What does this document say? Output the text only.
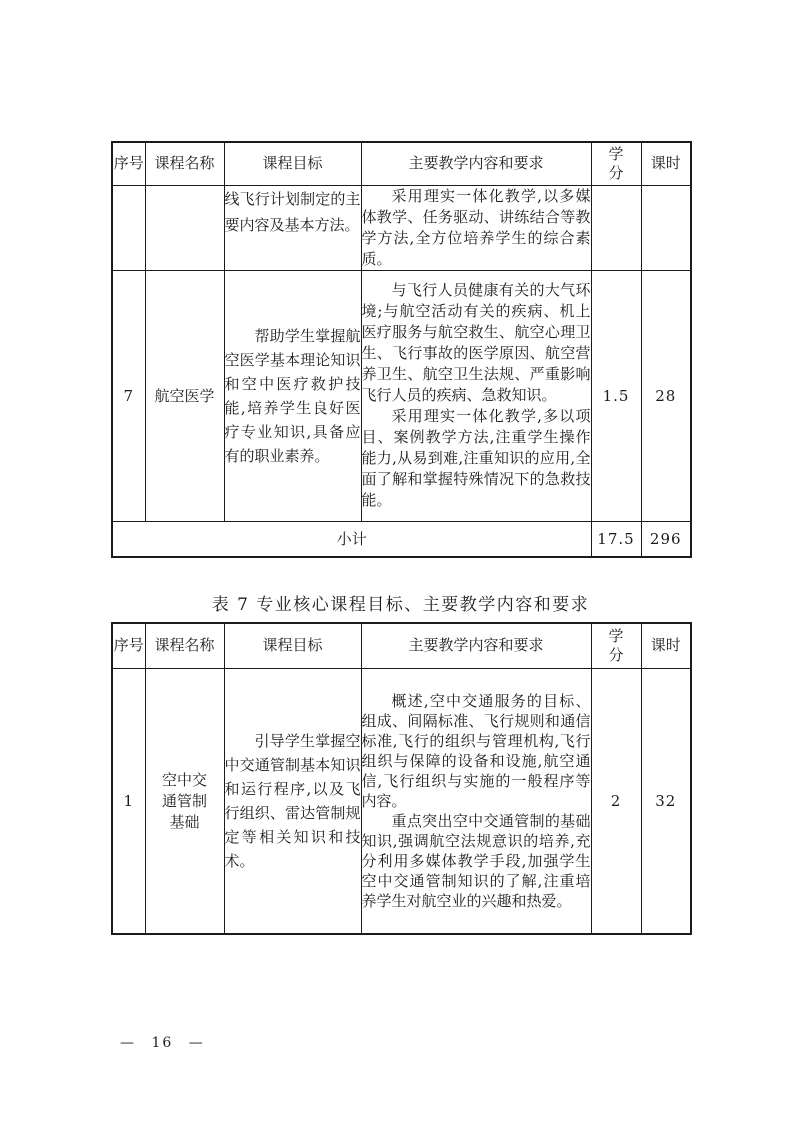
序号	课程名称	课程目标	主要教学内容和要求	学分	课时

		线飞行计划制定的主要内容及基本方法。	采用理实一体化教学,以多媒体教学、任务驱动、讲练结合等教学方法,全方位培养学生的综合素质。		

7	航空医学	帮助学生掌握航空医学基本理论知识和空中医疗救护技能,培养学生良好医疗专业知识,具备应有的职业素养。	与飞行人员健康有关的大气环境;与航空活动有关的疾病、机上医疗服务与航空救生、航空心理卫生、飞行事故的医学原因、航空营养卫生、航空卫生法规、严重影响飞行人员的疾病、急救知识。

采用理实一体化教学,多以项目、案例教学方法,注重学生操作能力,从易到难,注重知识的应用,全面了解和掌握特殊情况下的急救技能。	1.5	28
小计				17.5	296
表 7 专业核心课程目标、主要教学内容和要求
序号	课程名称	课程目标	主要教学内容和要求	学分	课时
1	空中交通管制基础	引导学生掌握空中交通管制基本知识和运行程序,以及飞行组织、雷达管制规定等相关知识和技术。	概述,空中交通服务的目标、组成、间隔标准、飞行规则和通信标准,飞行的组织与管理机构,飞行组织与保障的设备和设施,航空通信,飞行组织与实施的一般程序等内容。

重点突出空中交通管制的基础知识,强调航空法规意识的培养,充分利用多媒体教学手段,加强学生空中交通管制知识的了解,注重培养学生对航空业的兴趣和热爱。	2	32
— 16 —
